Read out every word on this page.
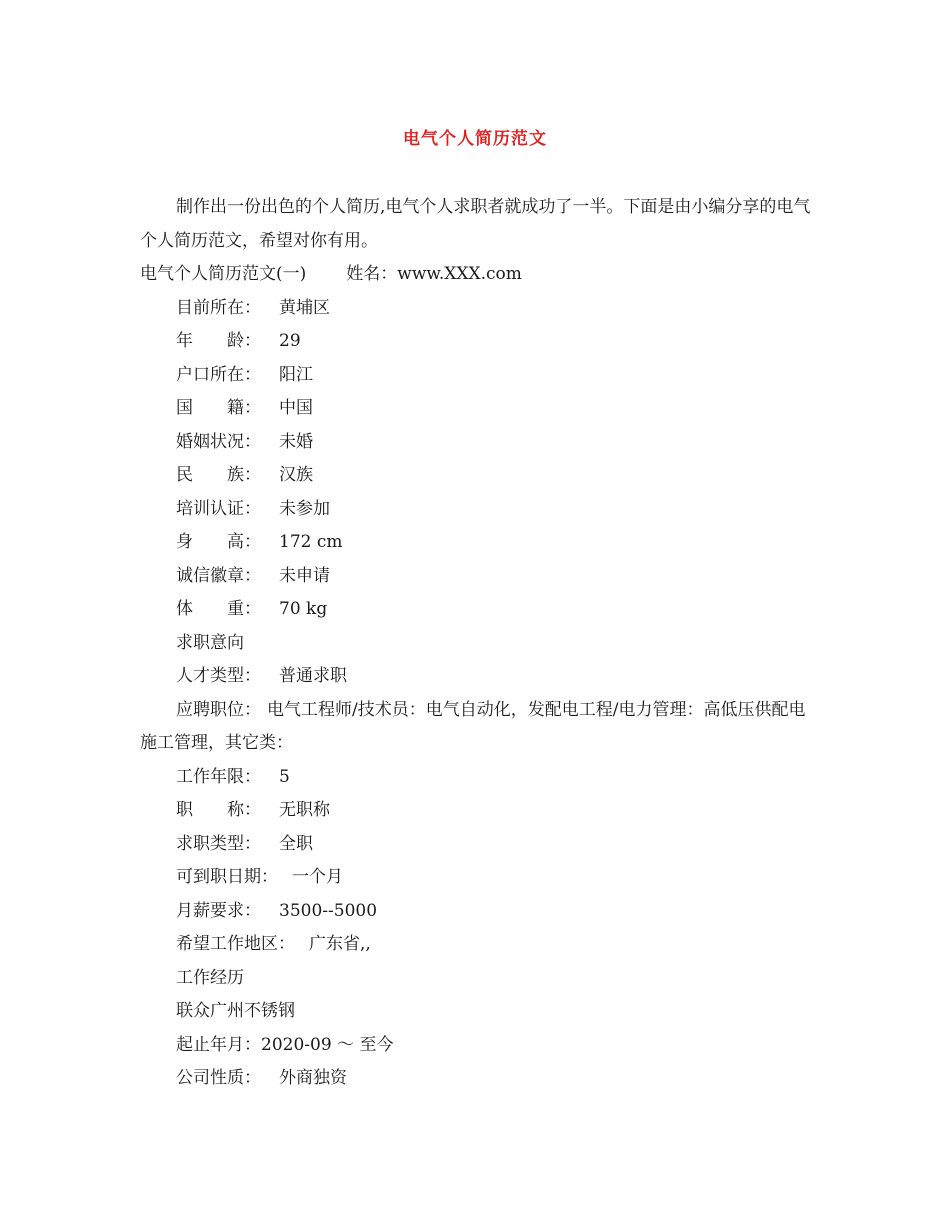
电气个人简历范文

制作出一份出色的个人简历,电气个人求职者就成功了一半。下面是由小编分享的电气个人简历范文，希望对你有用。

电气个人简历范文(一) 姓名：www.XXX.com
目前所在： 黄埔区
年　　龄： 29
户口所在： 阳江
国　　籍： 中国
婚姻状况： 未婚
民　　族： 汉族
培训认证： 未参加
身　　高： 172 cm
诚信徽章： 未申请
体　　重： 70 kg
求职意向
人才类型： 普通求职

应聘职位： 电气工程师/技术员：电气自动化，发配电工程/电力管理：高低压供配电施工管理，其它类：

工作年限： 5
职　　称： 无职称
求职类型： 全职
可到职日期： 一个月
月薪要求： 3500--5000
希望工作地区： 广东省,,
工作经历
联众广州不锈钢
起止年月：2020-09 ～ 至今
公司性质： 外商独资
